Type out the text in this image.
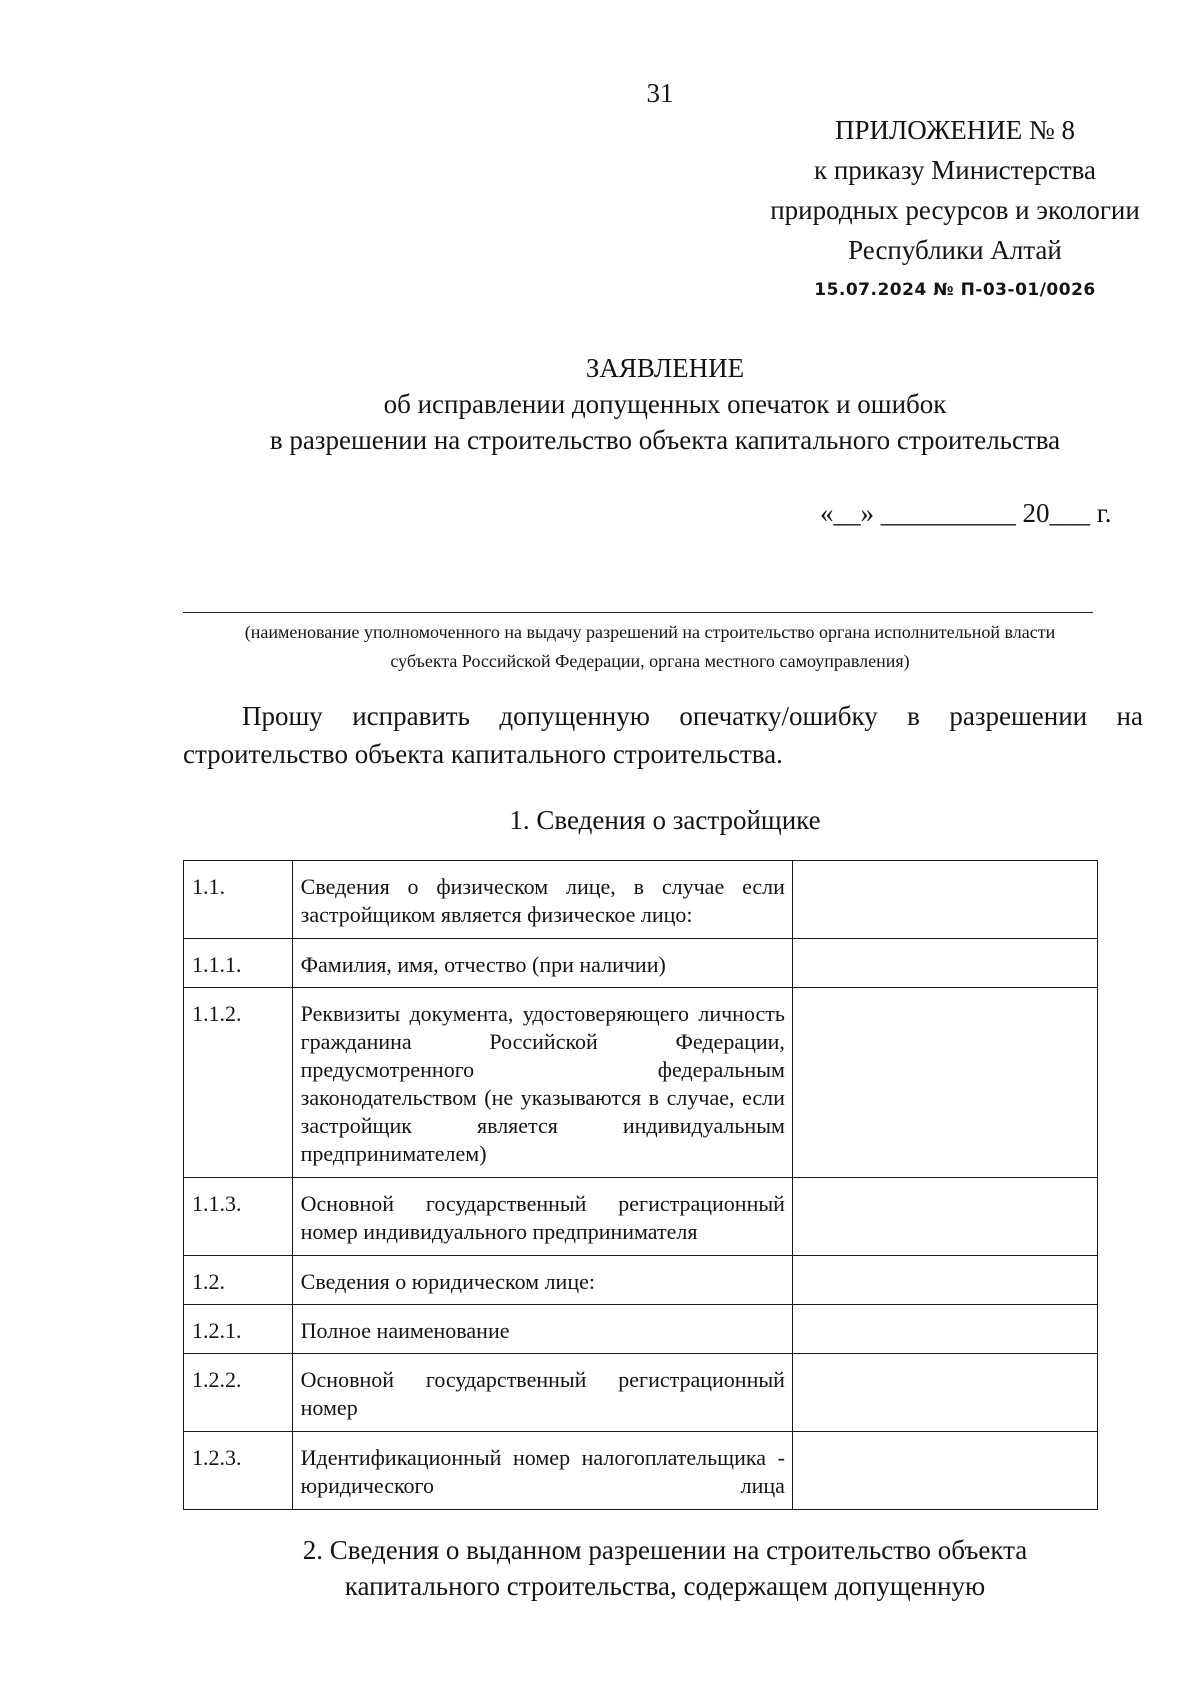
31
ПРИЛОЖЕНИЕ № 8
к приказу Министерства
природных ресурсов и экологии
Республики Алтай
15.07.2024 № П-03-01/0026
ЗАЯВЛЕНИЕ
об исправлении допущенных опечаток и ошибок
в разрешении на строительство объекта капитального строительства
«__» __________ 20___ г.
(наименование уполномоченного на выдачу разрешений на строительство органа исполнительной власти
субъекта Российской Федерации, органа местного самоуправления)
Прошу исправить допущенную опечатку/ошибку в разрешении на строительство объекта капитального строительства.
1. Сведения о застройщике
1.1.	Сведения о физическом лице, в случае если застройщиком является физическое лицо:	
1.1.1.	Фамилия, имя, отчество (при наличии)	
1.1.2.	Реквизиты документа, удостоверяющего личность гражданина Российской Федерации, предусмотренного федеральным законодательством (не указываются в случае, если застройщик является индивидуальным предпринимателем)	
1.1.3.	Основной государственный регистрационный номер индивидуального предпринимателя	
1.2.	Сведения о юридическом лице:	
1.2.1.	Полное наименование	
1.2.2.	Основной государственный регистрационный номер	
1.2.3.	Идентификационный номер налогоплательщика - юридического лица	
2. Сведения о выданном разрешении на строительство объекта
капитального строительства, содержащем допущенную
